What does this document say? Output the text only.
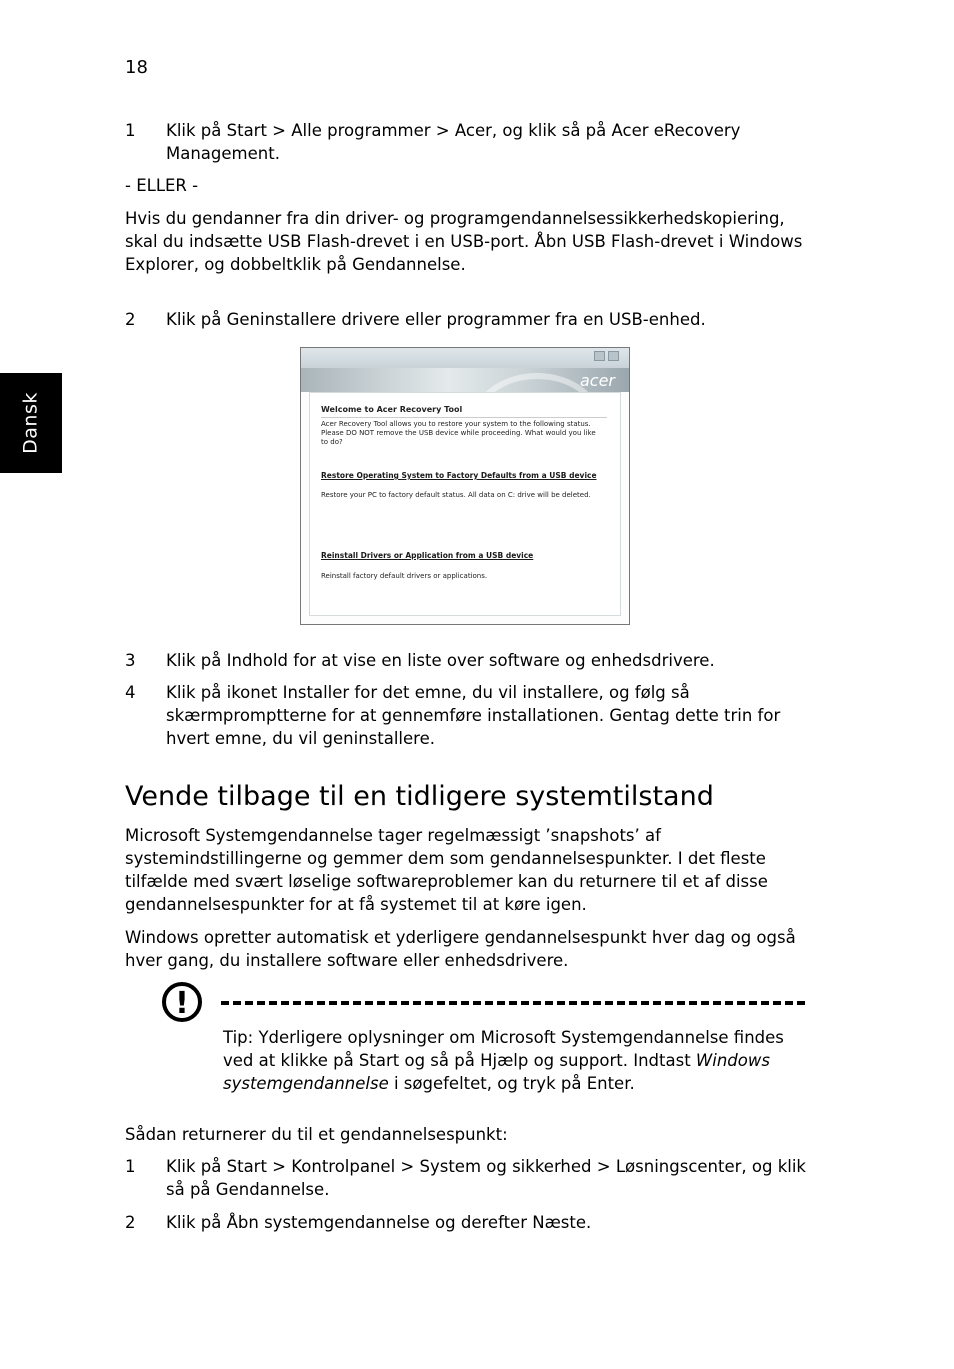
18
Dansk
1 Klik på Start > Alle programmer > Acer, og klik så på Acer eRecovery Management.
- ELLER -
Hvis du gendanner fra din driver- og programgendannelsessikkerhedskopiering, skal du indsætte USB Flash-drevet i en USB-port. Åbn USB Flash-drevet i Windows Explorer, og dobbeltklik på Gendannelse.
2 Klik på Geninstallere drivere eller programmer fra en USB-enhed.
acer
Welcome to Acer Recovery Tool
Acer Recovery Tool allows you to restore your system to the following status. Please DO NOT remove the USB device while proceeding. What would you like to do?
Restore Operating System to Factory Defaults from a USB device
Restore your PC to factory default status. All data on C: drive will be deleted.
Reinstall Drivers or Application from a USB device
Reinstall factory default drivers or applications.
3 Klik på Indhold for at vise en liste over software og enhedsdrivere.
4 Klik på ikonet Installer for det emne, du vil installere, og følg så skærmpromptterne for at gennemføre installationen. Gentag dette trin for hvert emne, du vil geninstallere.
Vende tilbage til en tidligere systemtilstand
Microsoft Systemgendannelse tager regelmæssigt ’snapshots’ af systemindstillingerne og gemmer dem som gendannelsespunkter. I det fleste tilfælde med svært løselige softwareproblemer kan du returnere til et af disse gendannelsespunkter for at få systemet til at køre igen.
Windows opretter automatisk et yderligere gendannelsespunkt hver dag og også hver gang, du installere software eller enhedsdrivere.
!
Tip: Yderligere oplysninger om Microsoft Systemgendannelse findes ved at klikke på Start og så på Hjælp og support. Indtast Windows systemgendannelse i søgefeltet, og tryk på Enter.
Sådan returnerer du til et gendannelsespunkt:
1 Klik på Start > Kontrolpanel > System og sikkerhed > Løsningscenter, og klik så på Gendannelse.
2 Klik på Åbn systemgendannelse og derefter Næste.
